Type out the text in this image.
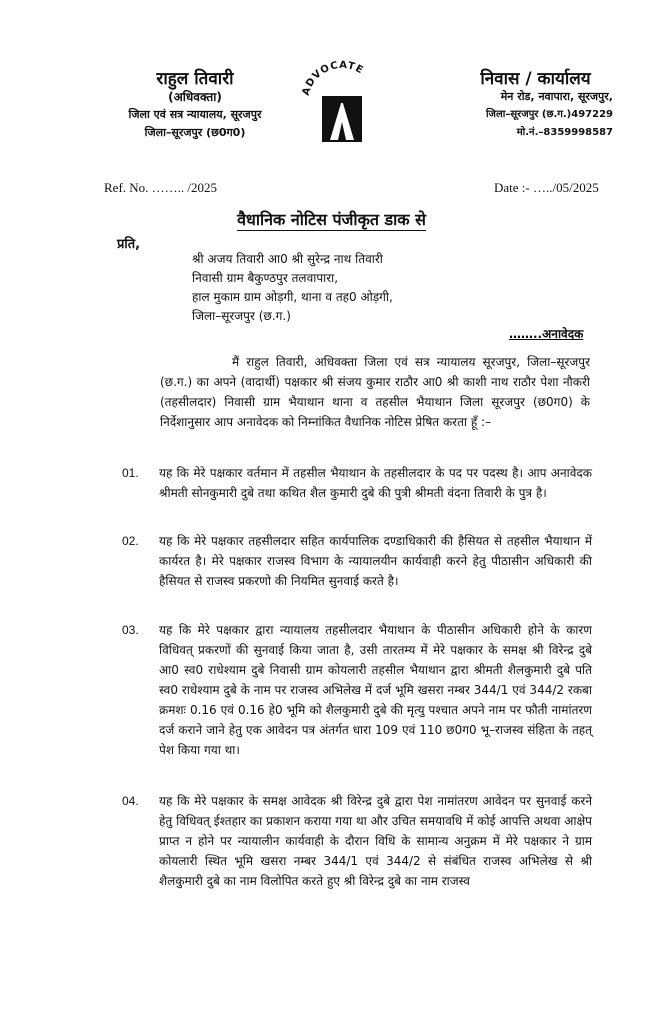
राहुल तिवारी
(अधिवक्ता)
जिला एवं सत्र न्यायालय, सूरजपुर
जिला–सूरजपुर (छ0ग0)
ADVOCATE	निवास / कार्यालय
मेन रोड, नवापारा, सूरजपुर,
जिला–सूरजपुर (छ.ग.)497229
मो.नं.–8359998587
Ref. No. …….. /2025	Date :- …../05/2025
वैधानिक नोटिस पंजीकृत डाक से
प्रति,
श्री अजय तिवारी आ0 श्री सुरेन्द्र नाथ तिवारी
निवासी ग्राम बैकुण्ठपुर तलवापारा,
हाल मुकाम ग्राम ओड़गी, थाना व तह0 ओड़गी,
जिला–सूरजपुर (छ.ग.)
……..अनावेदक
मैं राहुल तिवारी, अधिवक्ता जिला एवं सत्र न्यायालय सूरजपुर, जिला–सूरजपुर (छ.ग.) का अपने (वादार्थी) पक्षकार श्री संजय कुमार राठौर आ0 श्री काशी नाथ राठौर पेशा नौकरी (तहसीलदार) निवासी ग्राम भैयाथान थाना व तहसील भैयाथान जिला सूरजपुर (छ0ग0) के निर्देशानुसार आप अनावेदक को निम्नांकित वैधानिक नोटिस प्रेषित करता हूँ :–
01. यह कि मेरे पक्षकार वर्तमान में तहसील भैयाथान के तहसीलदार के पद पर पदस्थ है। आप अनावेदक श्रीमती सोनकुमारी दुबे तथा कथित शैल कुमारी दुबे की पुत्री श्रीमती वंदना तिवारी के पुत्र है।
02. यह कि मेरे पक्षकार तहसीलदार सहित कार्यपालिक दण्डाधिकारी की हैसियत से तहसील भैयाथान में कार्यरत है। मेरे पक्षकार राजस्व विभाग के न्यायालयीन कार्यवाही करने हेतु पीठासीन अधिकारी की हैसियत से राजस्व प्रकरणो की नियमित सुनवाई करते है।
03. यह कि मेरे पक्षकार द्वारा न्यायालय तहसीलदार भैयाथान के पीठासीन अधिकारी होने के कारण विधिवत् प्रकरणों की सुनवाई किया जाता है, उसी तारतम्य में मेरे पक्षकार के समक्ष श्री विरेन्द्र दुबे आ0 स्व0 राधेश्याम दुबे निवासी ग्राम कोयलारी तहसील भैयाथान द्वारा श्रीमती शैलकुमारी दुबे पति स्व0 राधेश्याम दुबे के नाम पर राजस्व अभिलेख में दर्ज भूमि खसरा नम्बर 344/1 एवं 344/2 रकबा क्रमशः 0.16 एवं 0.16 हे0 भूमि को शैलकुमारी दुबे की मृत्यु पश्चात अपने नाम पर फौती नामांतरण दर्ज कराने जाने हेतु एक आवेदन पत्र अंतर्गत धारा 109 एवं 110 छ0ग0 भू–राजस्व संहिता के तहत् पेश किया गया था।
04. यह कि मेरे पक्षकार के समक्ष आवेदक श्री विरेन्द्र दुबे द्वारा पेश नामांतरण आवेदन पर सुनवाई करने हेतु विधिवत् ईश्तहार का प्रकाशन कराया गया था और उचित समयावधि में कोई आपत्ति अथवा आक्षेप प्राप्त न होने पर न्यायालीन कार्यवाही के दौरान विधि के सामान्य अनुक्रम में मेरे पक्षकार ने ग्राम कोयलारी स्थित भूमि खसरा नम्बर 344/1 एवं 344/2 से संबंधित राजस्व अभिलेख से श्री शैलकुमारी दुबे का नाम विलोपित करते हुए श्री विरेन्द्र दुबे का नाम राजस्व
